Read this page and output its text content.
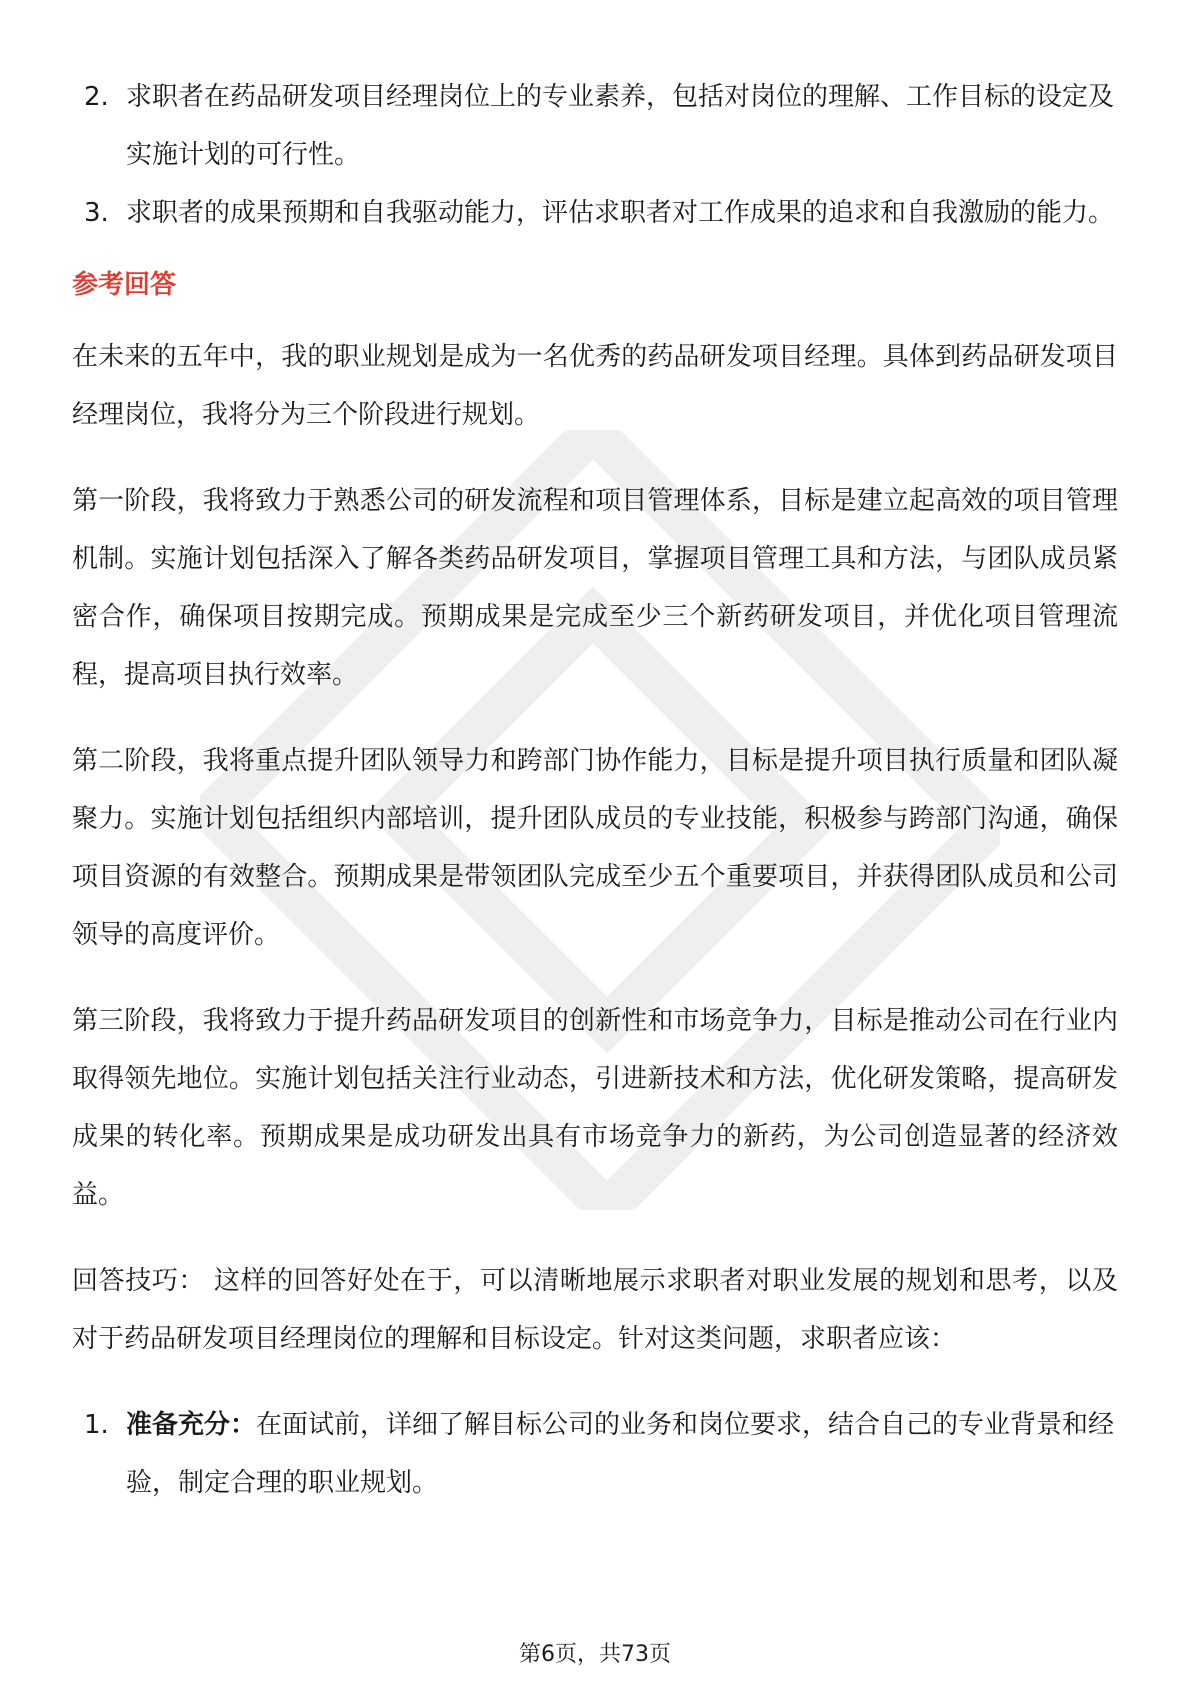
2. 求职者在药品研发项目经理岗位上的专业素养，包括对岗位的理解、工作目标的设定及实施计划的可行性。
3. 求职者的成果预期和自我驱动能力，评估求职者对工作成果的追求和自我激励的能力。
参考回答

在未来的五年中，我的职业规划是成为一名优秀的药品研发项目经理。具体到药品研发项目经理岗位，我将分为三个阶段进行规划。

第一阶段，我将致力于熟悉公司的研发流程和项目管理体系，目标是建立起高效的项目管理机制。实施计划包括深入了解各类药品研发项目，掌握项目管理工具和方法，与团队成员紧密合作，确保项目按期完成。预期成果是完成至少三个新药研发项目，并优化项目管理流程，提高项目执行效率。

第二阶段，我将重点提升团队领导力和跨部门协作能力，目标是提升项目执行质量和团队凝聚力。实施计划包括组织内部培训，提升团队成员的专业技能，积极参与跨部门沟通，确保项目资源的有效整合。预期成果是带领团队完成至少五个重要项目，并获得团队成员和公司领导的高度评价。

第三阶段，我将致力于提升药品研发项目的创新性和市场竞争力，目标是推动公司在行业内取得领先地位。实施计划包括关注行业动态，引进新技术和方法，优化研发策略，提高研发成果的转化率。预期成果是成功研发出具有市场竞争力的新药，为公司创造显著的经济效益。

回答技巧： 这样的回答好处在于，可以清晰地展示求职者对职业发展的规划和思考，以及对于药品研发项目经理岗位的理解和目标设定。针对这类问题，求职者应该：

1. 准备充分：在面试前，详细了解目标公司的业务和岗位要求，结合自己的专业背景和经验，制定合理的职业规划。
第6页，共73页
